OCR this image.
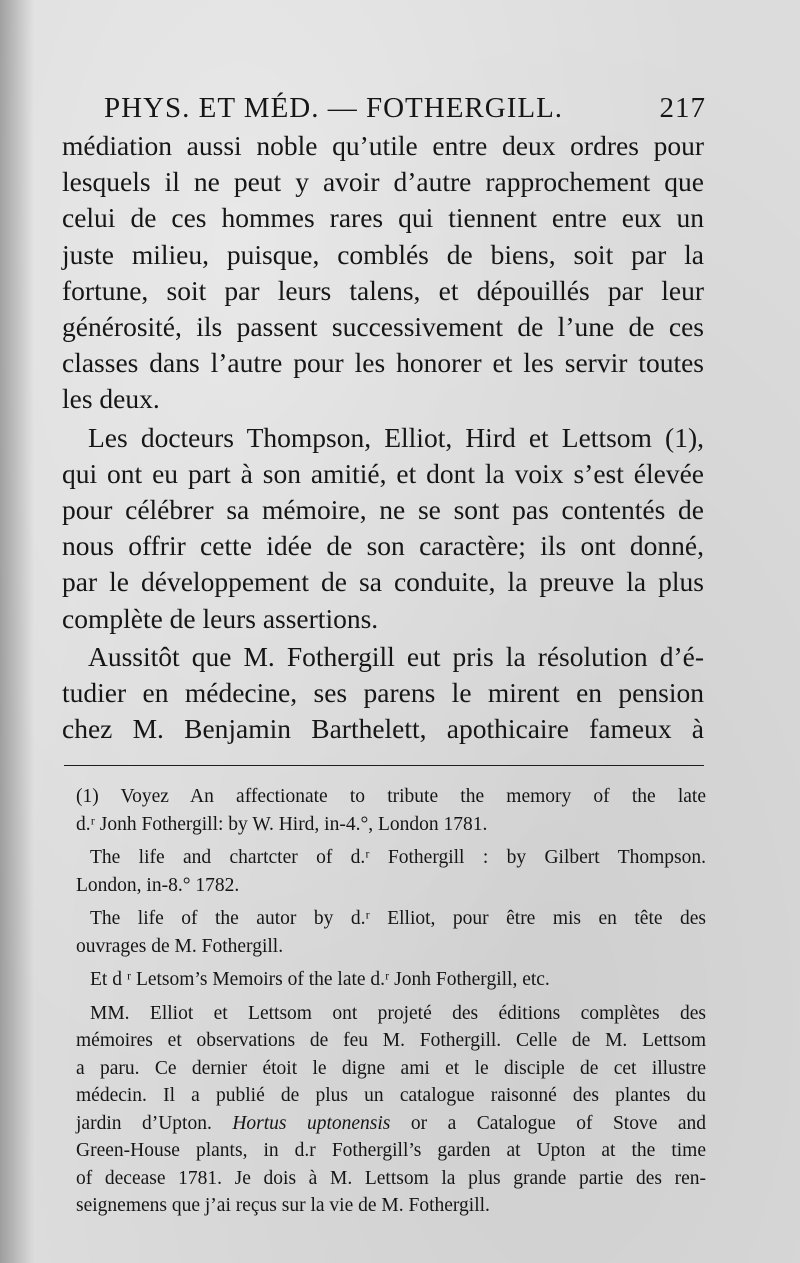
PHYS. ET MÉD. — FOTHERGILL.	217
médiation aussi noble qu’utile entre deux ordres pour
lesquels il ne peut y avoir d’autre rapprochement que
celui de ces hommes rares qui tiennent entre eux un
juste milieu, puisque, comblés de biens, soit par la
fortune, soit par leurs talens, et dépouillés par leur
générosité, ils passent successivement de l’une de ces
classes dans l’autre pour les honorer et les servir toutes
les deux.
Les docteurs Thompson, Elliot, Hird et Lettsom (1),
qui ont eu part à son amitié, et dont la voix s’est élevée
pour célébrer sa mémoire, ne se sont pas contentés de
nous offrir cette idée de son caractère; ils ont donné,
par le développement de sa conduite, la preuve la plus
complète de leurs assertions.
Aussitôt que M. Fothergill eut pris la résolution d’é-
tudier en médecine, ses parens le mirent en pension
chez M. Benjamin Barthelett, apothicaire fameux à
(1) Voyez An affectionate to tribute the memory of the late
d.ʳ Jonh Fothergill: by W. Hird, in-4.°, London 1781.
The life and chartcter of d.ʳ Fothergill : by Gilbert Thompson.
London, in-8.° 1782.
The life of the autor by d.ʳ Elliot, pour être mis en tête des
ouvrages de M. Fothergill.
Et d ʳ Letsom’s Memoirs of the late d.ʳ Jonh Fothergill, etc.
MM. Elliot et Lettsom ont projeté des éditions complètes des
mémoires et observations de feu M. Fothergill. Celle de M. Lettsom
a paru. Ce dernier étoit le digne ami et le disciple de cet illustre
médecin. Il a publié de plus un catalogue raisonné des plantes du
jardin d’Upton. Hortus uptonensis or a Catalogue of Stove and
Green-House plants, in d.r Fothergill’s garden at Upton at the time
of decease 1781. Je dois à M. Lettsom la plus grande partie des ren-
seignemens que j’ai reçus sur la vie de M. Fothergill.
